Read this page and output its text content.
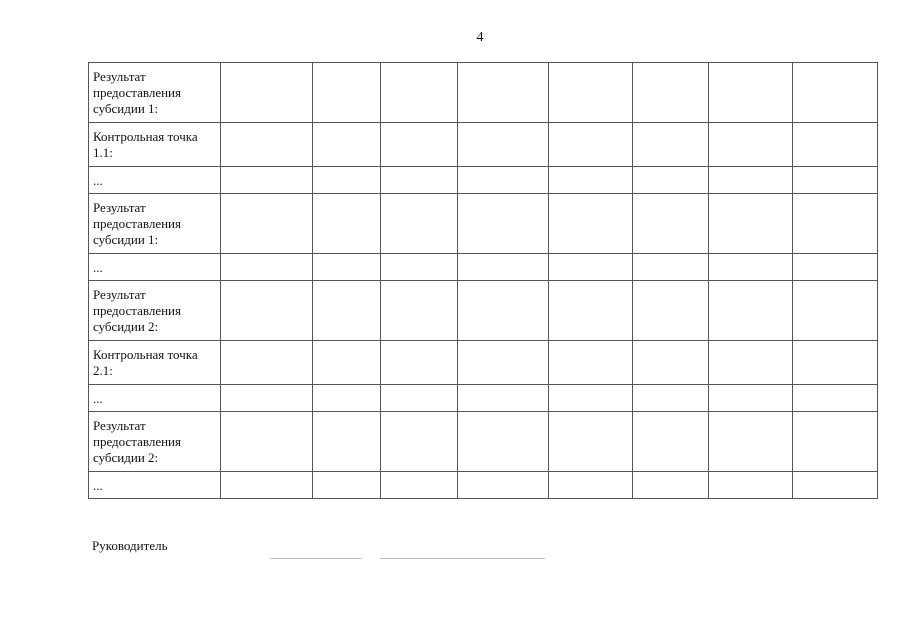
4
Результат предоставления субсидии 1:								
Контрольная точка 1.1:								
...								
Результат предоставления субсидии 1:								
...								
Результат предоставления субсидии 2:								
Контрольная точка 2.1:								
...								
Результат предоставления субсидии 2:								
...								
Руководитель
